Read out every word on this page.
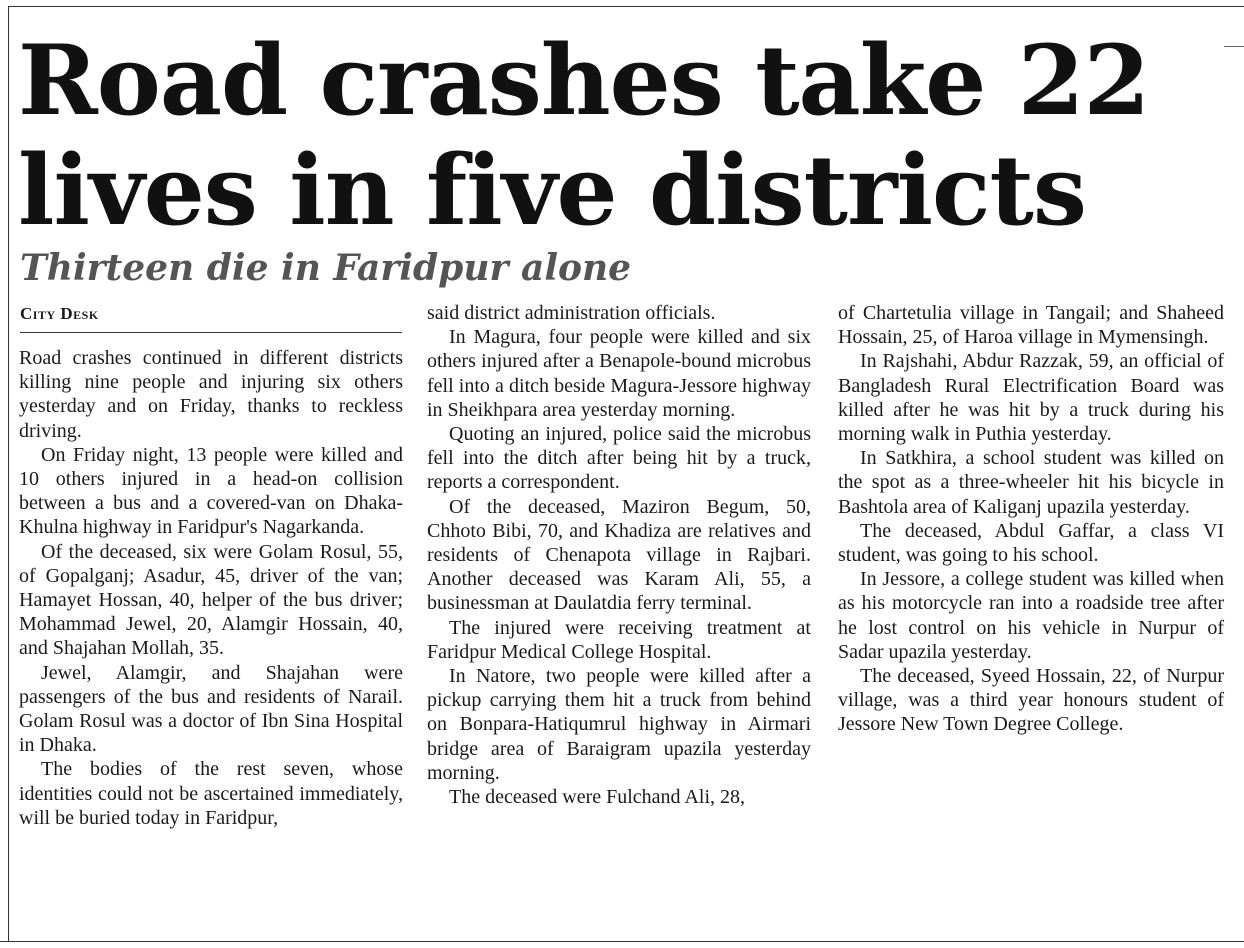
Road crashes take 22 lives in five districts
Thirteen die in Faridpur alone
City Desk

Road crashes continued in different districts killing nine people and injuring six others yesterday and on Friday, thanks to reckless driving.

On Friday night, 13 people were killed and 10 others injured in a head-on collision between a bus and a covered-van on Dhaka-Khulna highway in Faridpur's Nagarkanda.

Of the deceased, six were Golam Rosul, 55, of Gopalganj; Asadur, 45, driver of the van; Hamayet Hossan, 40, helper of the bus driver; Mohammad Jewel, 20, Alamgir Hossain, 40, and Shajahan Mollah, 35.

Jewel, Alamgir, and Shajahan were passengers of the bus and residents of Narail. Golam Rosul was a doctor of Ibn Sina Hospital in Dhaka.

The bodies of the rest seven, whose identities could not be ascertained immediately, will be buried today in Faridpur,

said district administration officials.

In Magura, four people were killed and six others injured after a Benapole-bound microbus fell into a ditch beside Magura-Jessore highway in Sheikhpara area yesterday morning.

Quoting an injured, police said the microbus fell into the ditch after being hit by a truck, reports a correspondent.

Of the deceased, Maziron Begum, 50, Chhoto Bibi, 70, and Khadiza are relatives and residents of Chenapota village in Rajbari. Another deceased was Karam Ali, 55, a businessman at Daulatdia ferry terminal.

The injured were receiving treatment at Faridpur Medical College Hospital.

In Natore, two people were killed after a pickup carrying them hit a truck from behind on Bonpara-Hatiqumrul highway in Airmari bridge area of Baraigram upazila yesterday morning.

The deceased were Fulchand Ali, 28,

of Chartetulia village in Tangail; and Shaheed Hossain, 25, of Haroa village in Mymensingh.

In Rajshahi, Abdur Razzak, 59, an official of Bangladesh Rural Electrification Board was killed after he was hit by a truck during his morning walk in Puthia yesterday.

In Satkhira, a school student was killed on the spot as a three-wheeler hit his bicycle in Bashtola area of Kaliganj upazila yesterday.

The deceased, Abdul Gaffar, a class VI student, was going to his school.

In Jessore, a college student was killed when as his motorcycle ran into a roadside tree after he lost control on his vehicle in Nurpur of Sadar upazila yesterday.

The deceased, Syeed Hossain, 22, of Nurpur village, was a third year honours student of Jessore New Town Degree College.
